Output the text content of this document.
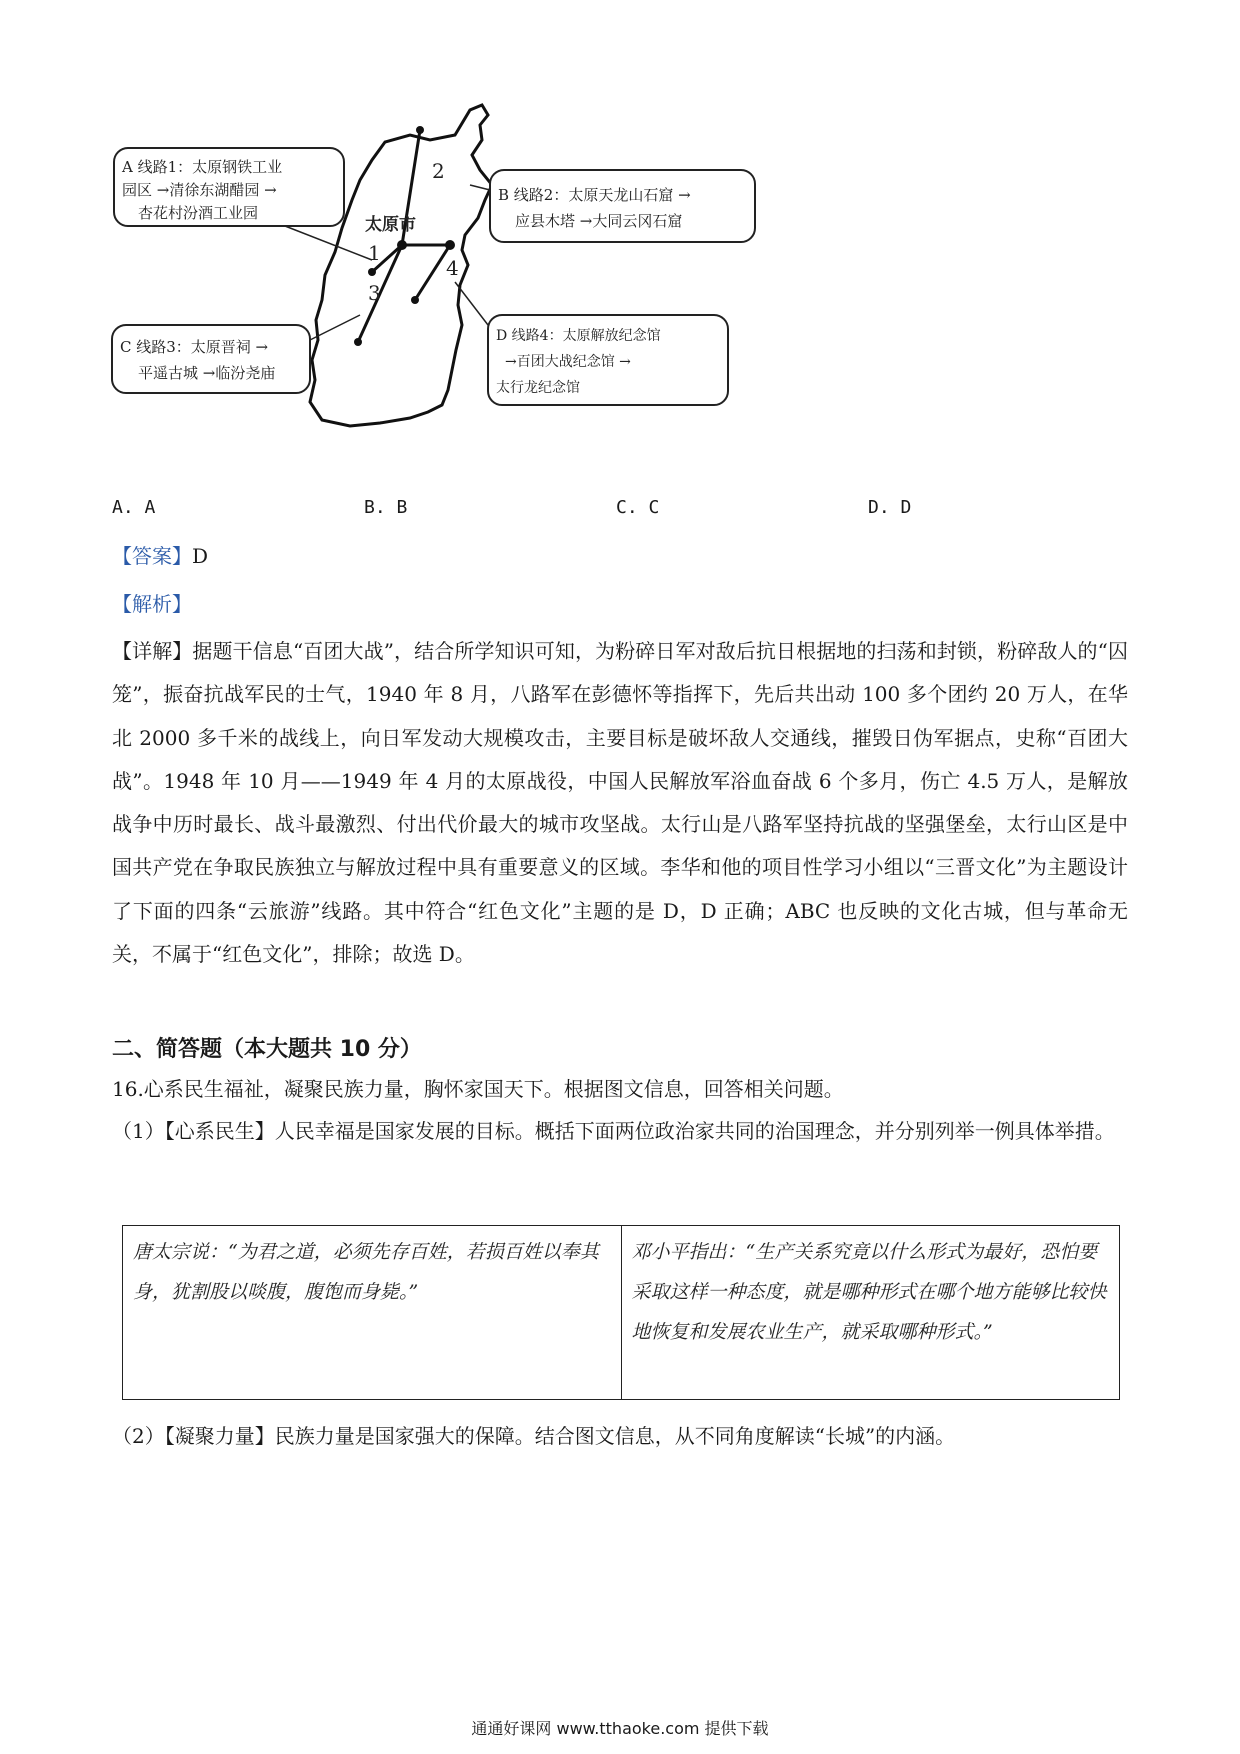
太原市
1
2
3
4
A 线路1：太原钢铁工业
园区 →清徐东湖醋园 →
杏花村汾酒工业园
B 线路2：太原天龙山石窟 →
应县木塔 →大同云冈石窟
C 线路3：太原晋祠 →
平遥古城 →临汾尧庙
D 线路4：太原解放纪念馆
→百团大战纪念馆 →
太行龙纪念馆
A. A	B. B	C. C	D. D
【答案】D
【解析】
【详解】据题干信息“百团大战”，结合所学知识可知，为粉碎日军对敌后抗日根据地的扫荡和封锁，粉碎敌人的“囚笼”，振奋抗战军民的士气，1940 年 8 月，八路军在彭德怀等指挥下，先后共出动 100 多个团约 20 万人，在华北 2000 多千米的战线上，向日军发动大规模攻击，主要目标是破坏敌人交通线，摧毁日伪军据点，史称“百团大战”。1948 年 10 月——1949 年 4 月的太原战役，中国人民解放军浴血奋战 6 个多月，伤亡 4.5 万人，是解放战争中历时最长、战斗最激烈、付出代价最大的城市攻坚战。太行山是八路军坚持抗战的坚强堡垒，太行山区是中国共产党在争取民族独立与解放过程中具有重要意义的区域。李华和他的项目性学习小组以“三晋文化”为主题设计了下面的四条“云旅游”线路。其中符合“红色文化”主题的是 D，D 正确；ABC 也反映的文化古城，但与革命无关，不属于“红色文化”，排除；故选 D。
二、简答题（本大题共 10 分）
16.心系民生福祉，凝聚民族力量，胸怀家国天下。根据图文信息，回答相关问题。
（1）【心系民生】人民幸福是国家发展的目标。概括下面两位政治家共同的治国理念，并分别列举一例具体举措。
唐太宗说：“为君之道，必须先存百姓，若损百姓以奉其身，犹割股以啖腹，腹饱而身毙。”	邓小平指出：“生产关系究竟以什么形式为最好，恐怕要采取这样一种态度，就是哪种形式在哪个地方能够比较快地恢复和发展农业生产，就采取哪种形式。”
（2）【凝聚力量】民族力量是国家强大的保障。结合图文信息，从不同角度解读“长城”的内涵。
通通好课网 www.tthaoke.com 提供下载
